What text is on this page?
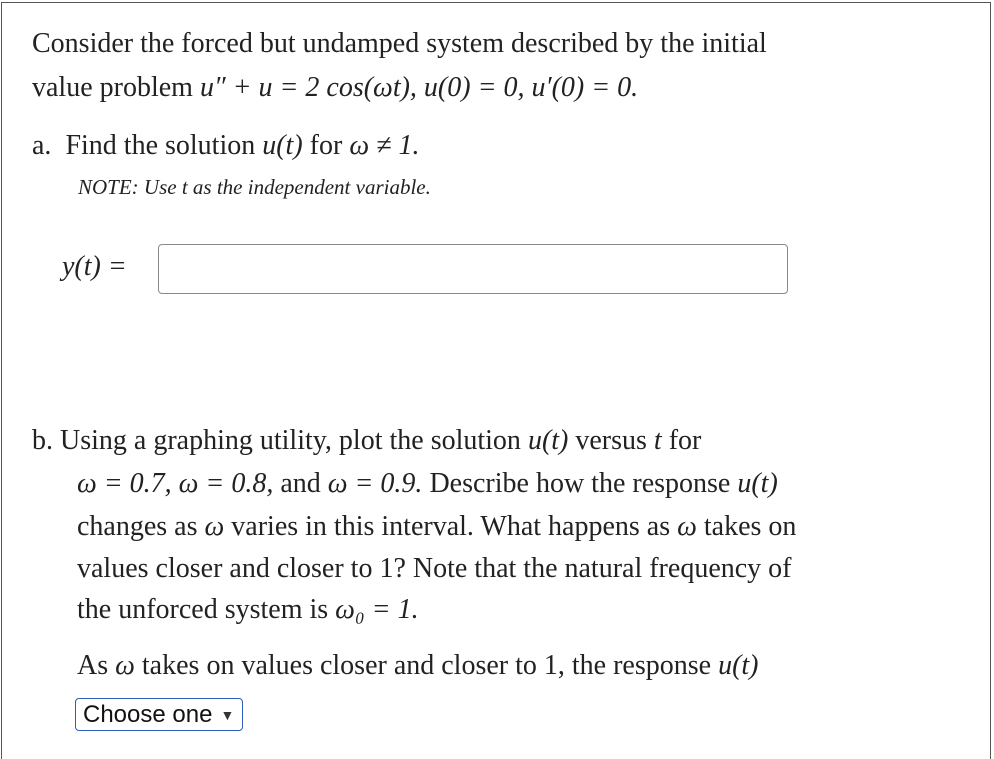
Consider the forced but undamped system described by the initial
value problem u″ + u = 2 cos(ωt), u(0) = 0, u′(0) = 0.
a. Find the solution u(t) for ω ≠ 1.
NOTE: Use t as the independent variable.
y(t) =
b. Using a graphing utility, plot the solution u(t) versus t for
ω = 0.7, ω = 0.8, and ω = 0.9. Describe how the response u(t)
changes as ω varies in this interval. What happens as ω takes on
values closer and closer to 1? Note that the natural frequency of
the unforced system is ω₀ = 1.
As ω takes on values closer and closer to 1, the response u(t)
Choose one ▼
